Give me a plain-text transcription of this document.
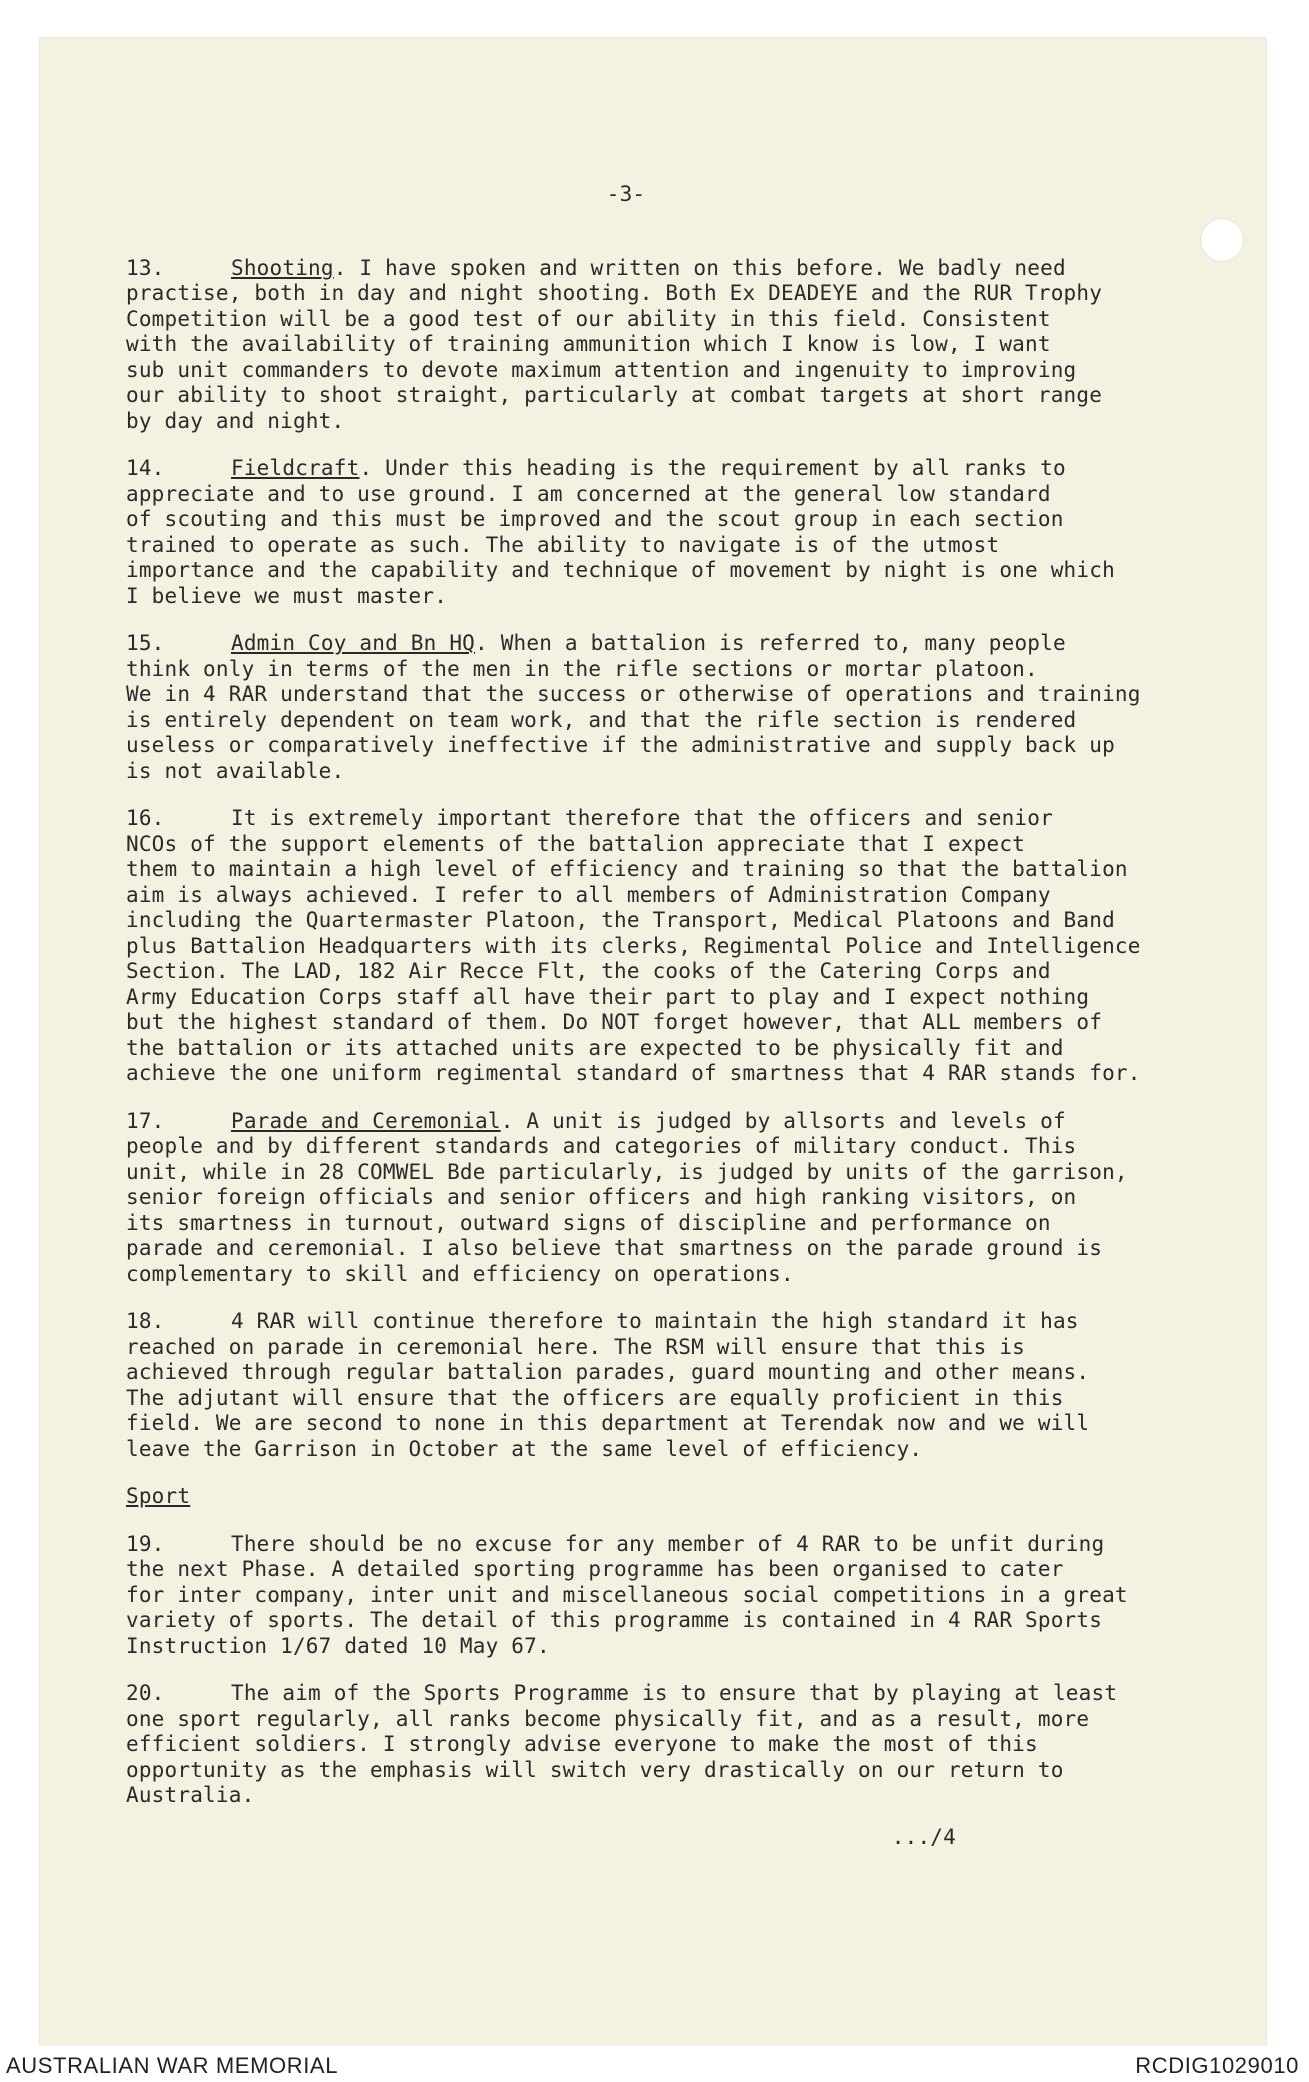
-3-

13.	Shooting. I have spoken and written on this before. We badly need
practise, both in day and night shooting. Both Ex DEADEYE and the RUR Trophy
Competition will be a good test of our ability in this field. Consistent
with the availability of training ammunition which I know is low, I want
sub unit commanders to devote maximum attention and ingenuity to improving
our ability to shoot straight, particularly at combat targets at short range
by day and night.

14.	Fieldcraft. Under this heading is the requirement by all ranks to
appreciate and to use ground. I am concerned at the general low standard
of scouting and this must be improved and the scout group in each section
trained to operate as such. The ability to navigate is of the utmost
importance and the capability and technique of movement by night is one which
I believe we must master.

15.	Admin Coy and Bn HQ. When a battalion is referred to, many people
think only in terms of the men in the rifle sections or mortar platoon.
We in 4 RAR understand that the success or otherwise of operations and training
is entirely dependent on team work, and that the rifle section is rendered
useless or comparatively ineffective if the administrative and supply back up
is not available.

16.	It is extremely important therefore that the officers and senior
NCOs of the support elements of the battalion appreciate that I expect
them to maintain a high level of efficiency and training so that the battalion
aim is always achieved. I refer to all members of Administration Company
including the Quartermaster Platoon, the Transport, Medical Platoons and Band
plus Battalion Headquarters with its clerks, Regimental Police and Intelligence
Section. The LAD, 182 Air Recce Flt, the cooks of the Catering Corps and
Army Education Corps staff all have their part to play and I expect nothing
but the highest standard of them. Do NOT forget however, that ALL members of
the battalion or its attached units are expected to be physically fit and
achieve the one uniform regimental standard of smartness that 4 RAR stands for.

17.	Parade and Ceremonial. A unit is judged by allsorts and levels of
people and by different standards and categories of military conduct. This
unit, while in 28 COMWEL Bde particularly, is judged by units of the garrison,
senior foreign officials and senior officers and high ranking visitors, on
its smartness in turnout, outward signs of discipline and performance on
parade and ceremonial. I also believe that smartness on the parade ground is
complementary to skill and efficiency on operations.

18.	4 RAR will continue therefore to maintain the high standard it has
reached on parade in ceremonial here. The RSM will ensure that this is
achieved through regular battalion parades, guard mounting and other means.
The adjutant will ensure that the officers are equally proficient in this
field. We are second to none in this department at Terendak now and we will
leave the Garrison in October at the same level of efficiency.

Sport

19.	There should be no excuse for any member of 4 RAR to be unfit during
the next Phase. A detailed sporting programme has been organised to cater
for inter company, inter unit and miscellaneous social competitions in a great
variety of sports. The detail of this programme is contained in 4 RAR Sports
Instruction 1/67 dated 10 May 67.

20.	The aim of the Sports Programme is to ensure that by playing at least
one sport regularly, all ranks become physically fit, and as a result, more
efficient soldiers. I strongly advise everyone to make the most of this
opportunity as the emphasis will switch very drastically on our return to
Australia.

.../4
AUSTRALIAN WAR MEMORIAL	RCDIG1029010
